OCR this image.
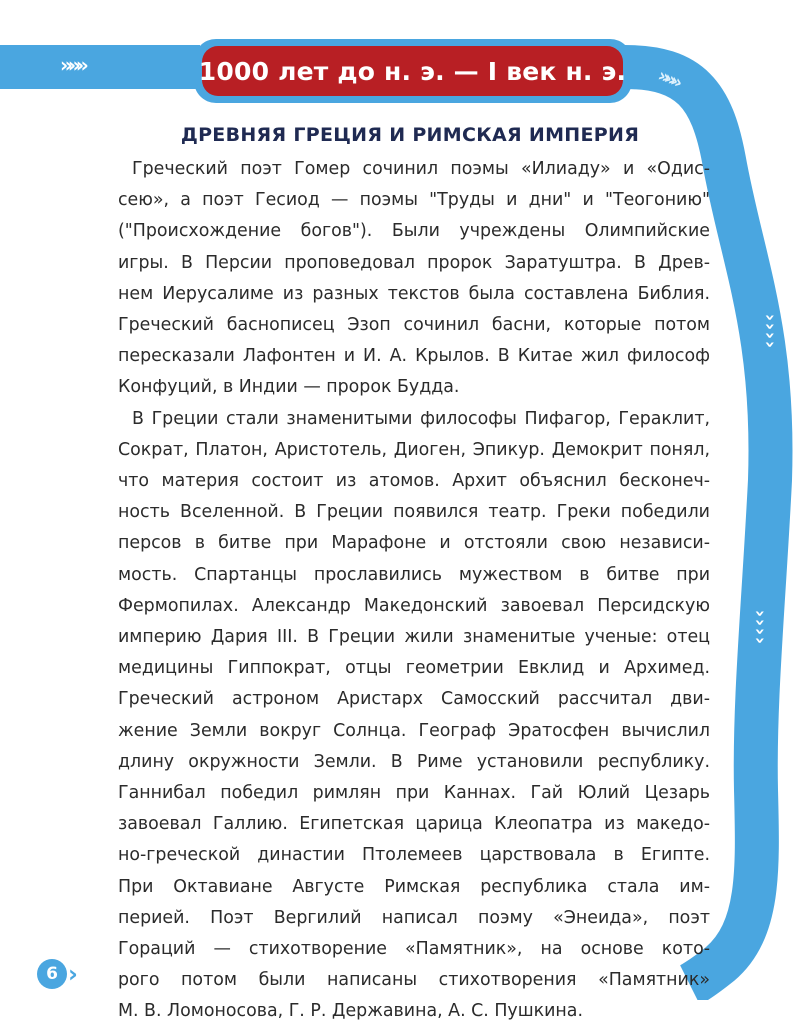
»»»
»»»
›
›
›
›
›
›
›
›
1000 лет до н. э. — I век н. э.
ДРЕВНЯЯ ГРЕЦИЯ И РИМСКАЯ ИМПЕРИЯ
Греческий поэт Гомер сочинил поэмы «Илиаду» и «Одис-
сею», а поэт Гесиод — поэмы "Труды и дни" и "Теогонию"
("Происхождение богов"). Были учреждены Олимпийские
игры. В Персии проповедовал пророк Заратуштра. В Древ-
нем Иерусалиме из разных текстов была составлена Библия.
Греческий баснописец Эзоп сочинил басни, которые потом
пересказали Лафонтен и И. А. Крылов. В Китае жил философ
Конфуций, в Индии — пророк Будда.
В Греции стали знаменитыми философы Пифагор, Гераклит,
Сократ, Платон, Аристотель, Диоген, Эпикур. Демокрит понял,
что материя состоит из атомов. Архит объяснил бесконеч-
ность Вселенной. В Греции появился театр. Греки победили
персов в битве при Марафоне и отстояли свою независи-
мость. Спартанцы прославились мужеством в битве при
Фермопилах. Александр Македонский завоевал Персидскую
империю Дария III. В Греции жили знаменитые ученые: отец
медицины Гиппократ, отцы геометрии Евклид и Архимед.
Греческий астроном Аристарх Самосский рассчитал дви-
жение Земли вокруг Солнца. Географ Эратосфен вычислил
длину окружности Земли. В Риме установили республику.
Ганнибал победил римлян при Каннах. Гай Юлий Цезарь
завоевал Галлию. Египетская царица Клеопатра из македо-
но-греческой династии Птолемеев царствовала в Египте.
При Октавиане Августе Римская республика стала им-
перией. Поэт Вергилий написал поэму «Энеида», поэт
Гораций — стихотворение «Памятник», на основе кото-
рого потом были написаны стихотворения «Памятник»
М. В. Ломоносова, Г. Р. Державина, А. С. Пушкина.
6 ›
